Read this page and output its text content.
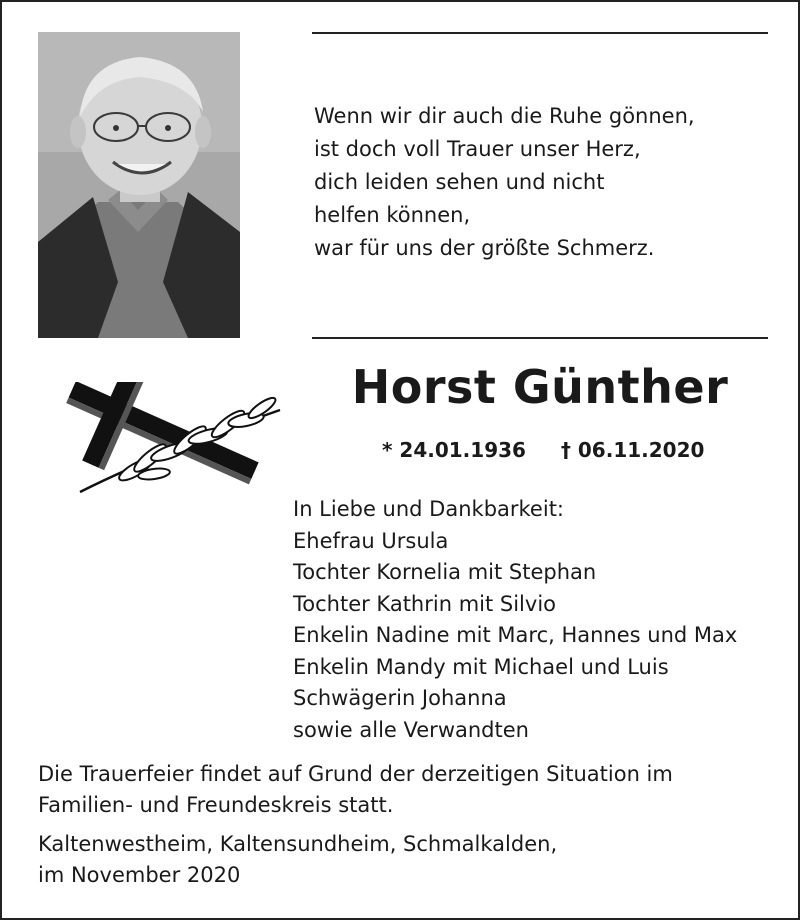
Wenn wir dir auch die Ruhe gönnen,
ist doch voll Trauer unser Herz,
dich leiden sehen und nicht
helfen können,
war für uns der größte Schmerz.
Horst Günther
* 24.01.1936 † 06.11.2020
In Liebe und Dankbarkeit:
Ehefrau Ursula
Tochter Kornelia mit Stephan
Tochter Kathrin mit Silvio
Enkelin Nadine mit Marc, Hannes und Max
Enkelin Mandy mit Michael und Luis
Schwägerin Johanna
sowie alle Verwandten
Die Trauerfeier findet auf Grund der derzeitigen Situation im
Familien- und Freundeskreis statt.
Kaltenwestheim, Kaltensundheim, Schmalkalden,
im November 2020
